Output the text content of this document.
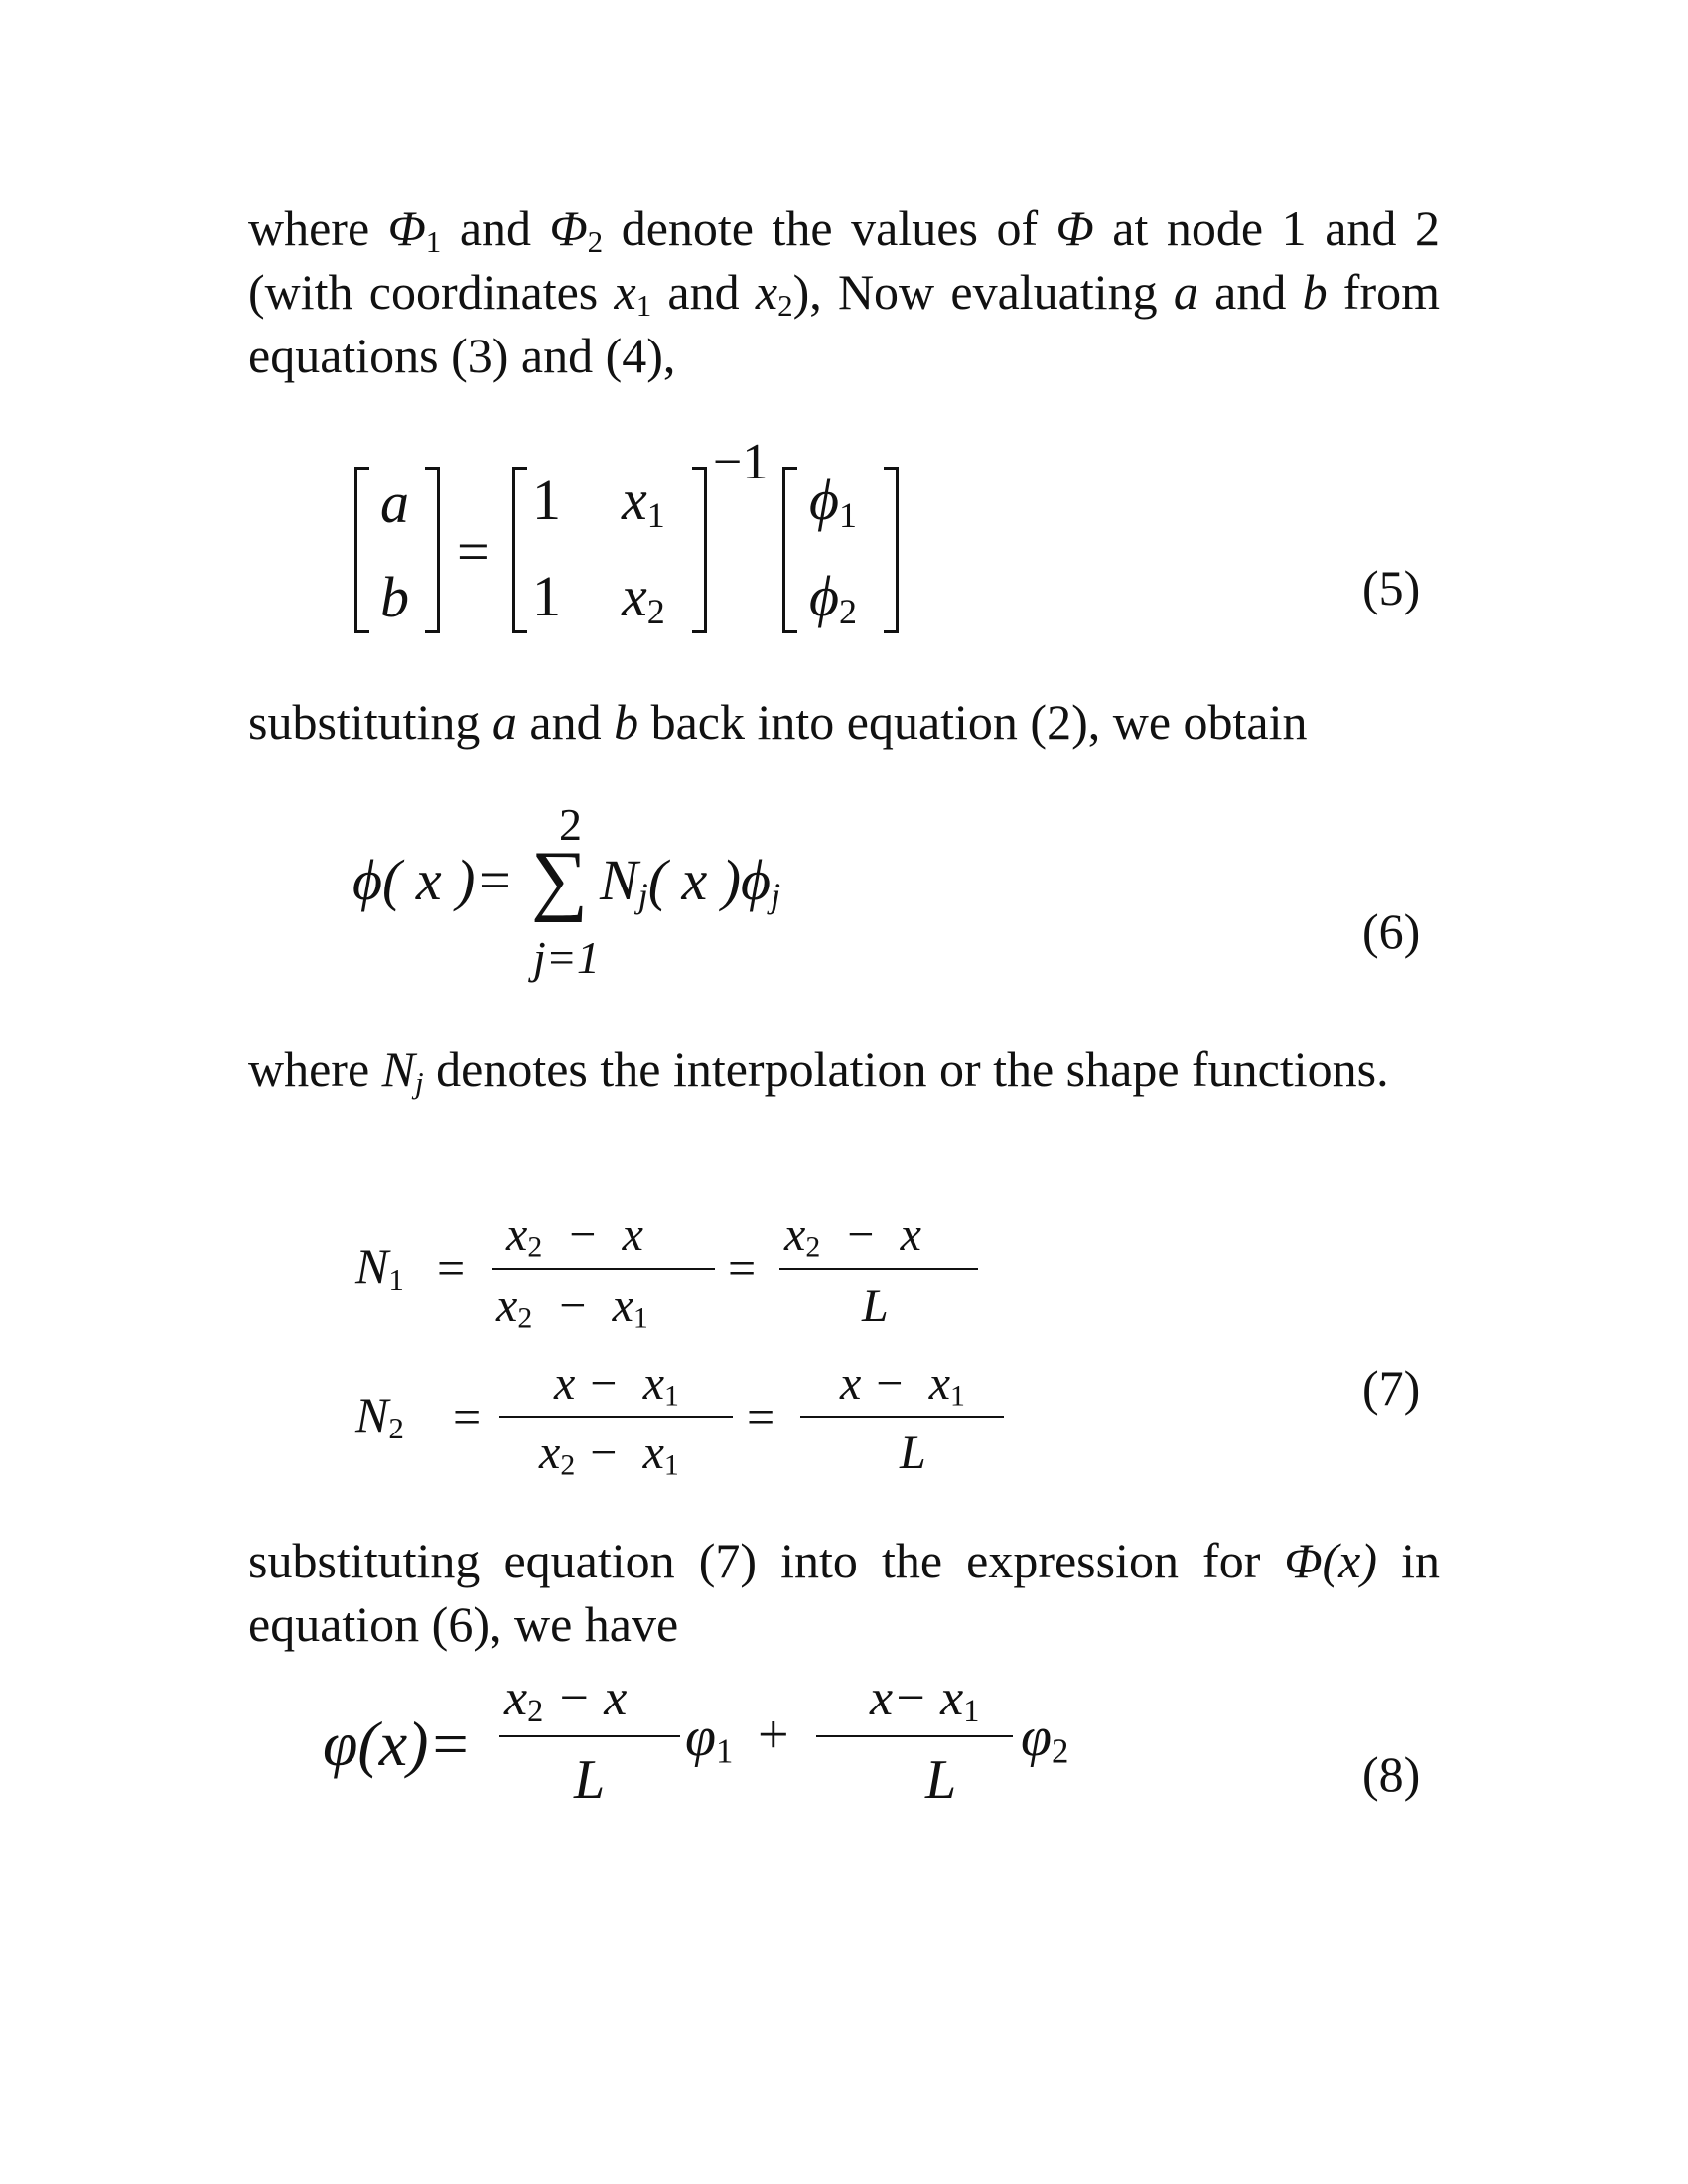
where $\Phi_1$ and $\Phi_2$ denote the values of Φ at node 1 and 2 (with coordinates $x_1$ and $x_2$), Now evaluating a and b from equations (3) and (4),
a
b
=
1 $x_1$
1 $x_2$
−1
$\phi_1$
$\phi_2$	(5)
substituting a and b back into equation (2), we obtain
ϕ( x )=
2
∑
j=1
$N_j$( x )$\phi_j$
(6)
where $N_j$ denotes the interpolation or the shape functions.
$N_1$ =
$x_2 - x$
$x_2 - x_1$
=
$x_2 - x$
L
$N_2$ =
$x - x_1$
$x_2 - x_1$
=
$x - x_1$
L
(7)
substituting equation (7) into the expression for Φ(x) in equation (6), we have
φ(x)=
$x_2 - x$
L
$\varphi_1$ +
$x- x_1$
L
$\varphi_2$	(8)
